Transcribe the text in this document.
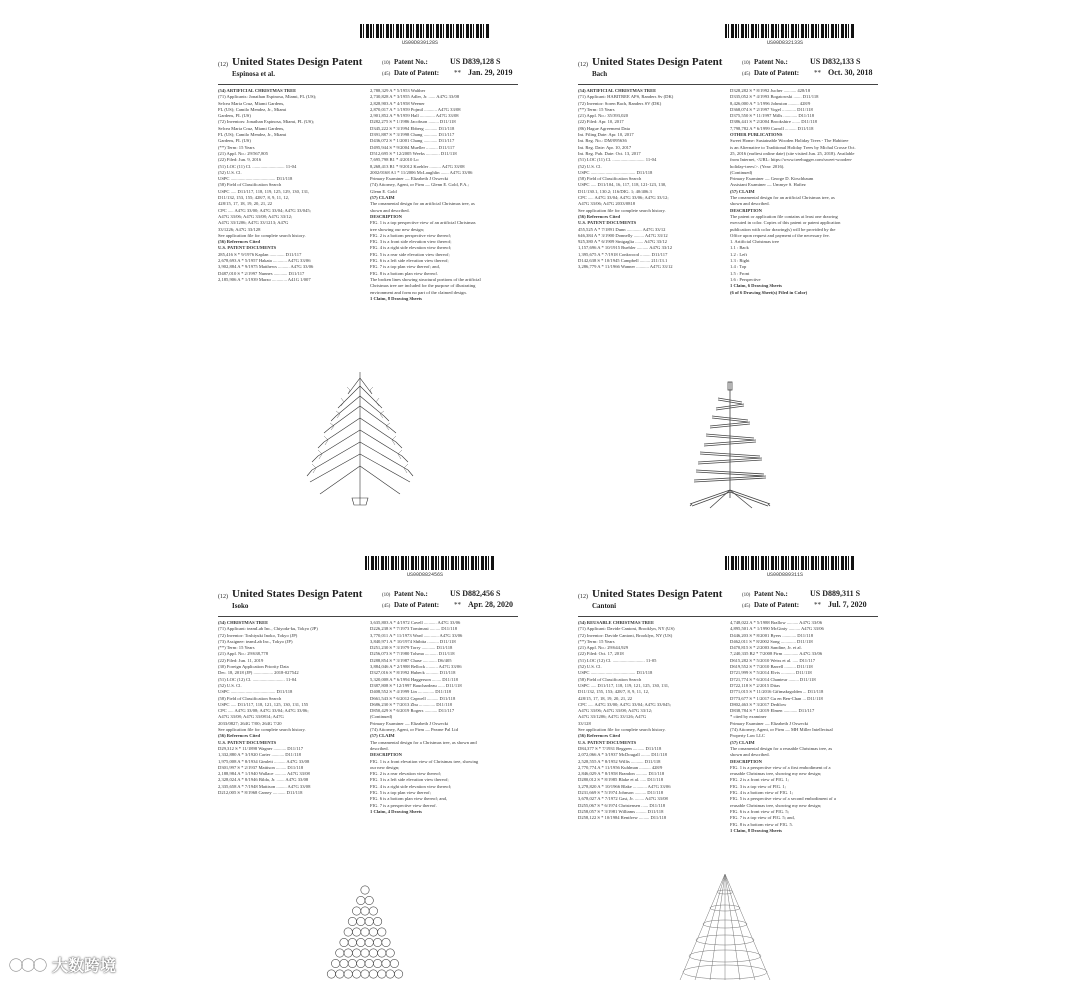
US00D839128S
(12) United States Design Patent
Espinosa et al.
(10) Patent No.:	US D839,128 S
(45) Date of Patent: ** Jan. 29, 2019
(54) ARTIFICIAL CHRISTMAS TREE
(71) Applicants: Jonathan Espinosa, Miami, FL (US);
Selcea Maria Cruz, Miami Gardens,
FL (US); Camilo Mendez, Jr., Miami
Gardens, FL (US)
(72) Inventors: Jonathan Espinosa, Miami, FL (US);
Selcea Maria Cruz, Miami Gardens,
FL (US); Camilo Mendez, Jr., Miami
Gardens, FL (US)
(**) Term: 15 Years
(21) Appl. No.: 29/567,805
(22) Filed: Jun. 9, 2016
(51) LOC (11) Cl. ............................ 11-04
(52) U.S. Cl.
USPC ....................................... D11/118
(58) Field of Classification Search
USPC ..... D11/117, 118, 119, 125, 129, 130, 131,
D11/132, 153, 155; 428/7, 8, 9, 11, 12,
428/15, 17, 18, 19, 20, 21, 22
CPC ..... A47G 33/00; A47G 33/04; A47G 33/045;
A47G 33/06; A47G 33/08; A47G 33/12;
A47G 33/1206; A47G 33/1213; A47G
33/1226; A47G 33/128
See application file for complete search history.
(56) References Cited
U.S. PATENT DOCUMENTS
285,416 S * 9/1976 Kaplan ............. D11/117
2,678,693 A * 5/1957 Hakata ............ A47G 33/06
3,902,884 A * 9/1975 Matthews .......... A47G 33/06
D487,010 S * 2/1997 Nunnes ............ D11/117
2,185,906 A * 1/1939 Marzo ............. A41G 1/007
2,788,329 A * 5/1953 Walther
2,730,828 A * 3/1955 Adler, Jr. ...... A47G 33/08
2,828,903 A * 4/1958 Weener
2,870,017 A * 1/1959 Pojmil ........... A47G 33/08
2,901,852 A * 9/1959 Hall ............. A47G 33/08
D282,275 S * 1/1986 Jacobson ......... D11/118
D345,222 S * 3/1994 Ebberg ........... D11/118
D391,887 S * 3/1998 Chang ............ D11/117
D436,072 S * 1/2001 Chang ............ D11/117
D495,944 S * 9/2004 Mueller .......... D11/117
D512,695 S * 12/2005 Weeks ............ D11/118
7,695,798 B1 * 4/2010 Lo
8,268,413 B1 * 9/2012 Koehler .......... A47G 33/08
2002/0168 A1 * 11/2006 McLaughlin ....... A47G 33/06
Primary Examiner — Elizabeth J Oswecki
(74) Attorney, Agent, or Firm — Glenn E. Gold, P.A.;
Glenn E. Gold
(57) CLAIM
The ornamental design for an artificial Christmas tree, as
shown and described.
DESCRIPTION
FIG. 1 is a top perspective view of an artificial Christmas
tree showing our new design;
FIG. 2 is a bottom perspective view thereof;
FIG. 3 is a front side elevation view thereof;
FIG. 4 is a right side elevation view thereof;
FIG. 5 is a rear side elevation view thereof;
FIG. 6 is a left side elevation view thereof;
FIG. 7 is a top plan view thereof; and,
FIG. 8 is a bottom plan view thereof.
The broken lines showing structural portions of the artificial
Christmas tree are included for the purpose of illustrating
environment and form no part of the claimed design.
1 Claim, 8 Drawing Sheets
US00D832133S
(12) United States Design Patent
Bach
(10) Patent No.:	US D832,133 S
(45) Date of Patent: ** Oct. 30, 2018
(54) ARTIFICIAL CHRISTMAS TREE
(71) Applicant: HABITREE APS, Randers Sv (DK)
(72) Inventor: Soren Bach, Randers SV (DK)
(**) Term: 15 Years
(21) Appl. No.: 35/393,020
(22) Filed: Apr. 10, 2017
(86) Hague Agreement Data
Int. Filing Date: Apr. 10, 2017
Int. Reg. No.: DM/095636
Int. Reg. Date: Apr. 10, 2017
Int. Reg. Pub. Date: Oct. 13, 2017
(51) LOC (11) Cl. ............................ 11-04
(52) U.S. Cl.
USPC ....................................... D11/118
(58) Field of Classification Search
USPC ..... D11/104, 16, 117, 118, 121-123, 130,
D11/130.1, 130.2; 116/DIG. 1; 40/406.3
CPC ..... A47G 33/04; A47G 33/06; A47G 33/12;
A47G 33/06; A47G 2033/0818
See application file for complete search history.
(56) References Cited
U.S. PATENT DOCUMENTS
455,525 A * 7/1891 Dunn ............. A47G 33/12
646,384 A * 3/1900 Donnelly ......... A47G 33/12
925,380 A * 6/1909 Sinigaglia ....... A47G 33/12
1,157,696 A * 10/1915 Buehler .......... A47G 33/12
1,395,675 A * 7/1918 Conkwood ......... D11/117
D142,638 S * 10/1945 Campbell ......... 211/13.1
3,286,779 A * 11/1966 Wanner ........... A47G 33/12
D328,282 S * 8/1992 Jucher ........... 428/18
D335,052 S * 4/1993 Bogatowski ....... D11/118
8,426,000 A * 1/1996 Johnston ......... 428/9
D368,074 S * 2/1997 Vogel ............ D11/118
D375,550 S * 11/1997 Mills ............ D11/118
D386,441 S * 2/2004 Brookshire ....... D11/118
7,798,782 A * 6/1999 Carroll .......... D11/118
OTHER PUBLICATIONS
Sweet Home: Sustainable Wooden Holiday Trees - The Habitree
is an Alternative to Traditional Holiday Trees by Michal Crosse Oct.
25, 2016 (earliest online date) (site visited Jun. 25, 2018). Available
from Internet, <URL: https://www.treehugger.com/sweet-wooden-
holiday-trees/>. (Year: 2016).
(Continued)
Primary Examiner — George D. Kirschbaum
Assistant Examiner — Ummye S. Hafiez
(57) CLAIM
The ornamental design for an artificial Christmas tree, as
shown and described.
DESCRIPTION
The patent or application file contains at least one drawing
executed in color. Copies of this patent or patent application
publication with color drawing(s) will be provided by the
Office upon request and payment of the necessary fee.
1. Artificial Christmas tree
1.1 : Back
1.2 : Left
1.3 : Right
1.4 : Top
1.5 : Front
1.6 : Perspective
1 Claim, 6 Drawing Sheets
(6 of 6 Drawing Sheet(s) Filed in Color)
US00D882456S
(12) United States Design Patent
Isoko
(10) Patent No.:	US D882,456 S
(45) Date of Patent: ** Apr. 28, 2020
(54) CHRISTMAS TREE
(71) Applicant: teamLab Inc., Chiyoda-ku, Tokyo (JP)
(72) Inventor: Toshiyuki Inoko, Tokyo (JP)
(73) Assignee: teamLab Inc., Tokyo (JP)
(**) Term: 15 Years
(21) Appl. No.: 29/638,778
(22) Filed: Jun. 11, 2019
(30) Foreign Application Priority Data
Dec. 18, 2018 (JP) ................. 2018-027542
(51) LOC (12) Cl. ............................ 11-04
(52) U.S. Cl.
USPC ....................................... D11/118
(58) Field of Classification Search
USPC ..... D11/117, 118, 121, 125, 130, 131, 155
CPC ..... A47G 33/08; A47G 33/04; A47G 33/06;
A47G 33/08; A47G 33/0814; A47G
2033/0827; 264G 7/00; 264G 7/20
See application file for complete search history.
(56) References Cited
U.S. PATENT DOCUMENTS
D29,312 S * 11/1898 Wagner ........... D11/117
1,332,880 A * 3/1920 Carter ........... D11/118
1,975,008 A * 8/1934 Gimlett .......... A47G 33/08
D301,997 S * 2/1937 Mattison ......... D11/118
2,188,984 A * 1/1940 Wallace .......... A47G 33/08
2,328,024 A * 8/1946 Bilda, Jr. ....... A47G 33/08
2,335,658 A * 7/1948 Mattison ......... A47G 33/08
D212,005 S * 8/1968 Carney ........... D11/118
3,635,803 A * 4/1972 Cavell ........... A47G 33/06
D226,238 S * 7/1973 Tomimasi ......... D11/118
3,770,011 A * 11/1973 Ward ............. A47G 33/06
3,840,971 A * 10/1974 Shibita .......... D11/118
D251,230 S * 3/1979 Torry ............ D11/118
D256,073 S * 7/1980 Tolsma ........... D11/118
D288,854 S * 3/1987 Chase ............ D6/405
3,884,046 A * 2/1988 Bellock .......... A47G 33/06
D327,016 S * 8/1992 Hubeck ........... D11/118
5,320,008 A * 6/1994 Haggerson ........ D11/118
D387,808 S * 12/1997 Bauchardeau ...... D11/118
D408,552 S * 4/1999 Lin .............. D11/118
D661,543 S * 6/2012 Capwell .......... D11/118
D686,230 S * 7/2013 Zhu .............. D11/118
D850,429 S * 6/2019 Rogers ........... D11/117
(Continued)
Primary Examiner — Elizabeth J Oswecki
(74) Attorney, Agent, or Firm — Pearne Pal Ltd
(57) CLAIM
The ornamental design for a Christmas tree, as shown and
described.
DESCRIPTION
FIG. 1 is a front elevation view of Christmas tree, showing
our new design;
FIG. 2 is a rear elevation view thereof;
FIG. 3 is a left side elevation view thereof;
FIG. 4 is a right side elevation view thereof;
FIG. 5 is a top plan view thereof;
FIG. 6 is a bottom plan view thereof; and,
FIG. 7 is a perspective view thereof.
1 Claim, 4 Drawing Sheets
US00D889311S
(12) United States Design Patent
Cantoni
(10) Patent No.:	US D889,311 S
(45) Date of Patent: ** Jul. 7, 2020
(54) REUSABLE CHRISTMAS TREE
(71) Applicant: Davide Cantoni, Brooklyn, NY (US)
(72) Inventor: Davide Cantoni, Brooklyn, NY (US)
(**) Term: 15 Years
(21) Appl. No.: 29/644,929
(22) Filed: Oct. 17, 2018
(51) LOC (12) Cl. ............................ 11-05
(52) U.S. Cl.
USPC ....................................... D11/118
(58) Field of Classification Search
USPC ..... D11/117, 118, 119, 121, 125, 130, 131,
D11/132, 155, 153; 428/7, 8, 9, 11, 12,
428/15, 17, 18, 19, 20, 21, 22
CPC ..... A47G 33/00; A47G 33/04; A47G 33/045;
A47G 33/06; A47G 33/08; A47G 33/12;
A47G 33/1206; A47G 33/126; A47G
33/128
See application file for complete search history.
(56) References Cited
U.S. PATENT DOCUMENTS
D84,377 S * 7/1931 Beggren .......... D11/118
2,072,066 A * 3/1937 McDougall ........ D11/118
2,528,555 A * 8/1952 Willis ........... D11/118
2,770,774 A * 11/1956 Kuhlman .......... 428/9
2,846,029 A * 8/1958 Brandon .......... D11/118
D280,012 S * 8/1985 Blake et al. ..... D11/118
3,278,820 A * 10/1966 Blake ............ A47G 33/06
D231,669 S * 5/1974 Johnson .......... D11/118
3,678,027 A * 7/1972 Gast, Jr. ........ A47G 33/08
D255,067 S * 6/1974 Christensen ...... D11/118
D258,057 S * 3/1981 Williams ......... D11/118
D258,122 S * 10/1984 Rentfrew ......... D11/118
4,748,022 A * 5/1988 Brallow .......... A47G 33/06
4,895,501 A * 1/1990 McGinty .......... A47G 33/06
D446,203 S * 8/2001 Byers ............ D11/118
D462,011 S * 8/2002 Song ............. D11/118
D470,815 S * 2/2003 Sandine, Jr. et al.
7,240,335 B2 * 7/2008 Firm ............. A47G 33/06
D615,282 S * 5/2010 Weiss et al. ..... D11/117
D619,552 S * 7/2010 Barrell .......... D11/118
D721,999 S * 5/2014 Elvis ............ D11/118
D721,774 S * 6/2014 Chanteur ......... D11/118
D722,118 S * 2/2015 Ditas
D771,015 S * 11/2016 Giftmakrgolden ... D11/118
D773,677 S * 1/2017 Gu en Ben-Chan ... D11/118
D802,463 S * 3/2017 Dedilow
D838,784 S * 1/2019 Elmen ............ D11/117
* cited by examiner
Primary Examiner — Elizabeth J Oswecki
(74) Attorney, Agent, or Firm — MH Miller Intellectual
Property Law LLC
(57) CLAIM
The ornamental design for a reusable Christmas tree, as
shown and described.
DESCRIPTION
FIG. 1 is a perspective view of a first embodiment of a
reusable Christmas tree, showing my new design;
FIG. 2 is a front view of FIG. 1;
FIG. 3 is a top view of FIG. 1;
FIG. 4 is a bottom view of FIG. 1;
FIG. 5 is a perspective view of a second embodiment of a
reusable Christmas tree, showing my new design;
FIG. 6 is a front view of FIG. 5;
FIG. 7 is a top view of FIG. 5; and,
FIG. 8 is a bottom view of FIG. 5.
1 Claim, 8 Drawing Sheets
大数跨境
